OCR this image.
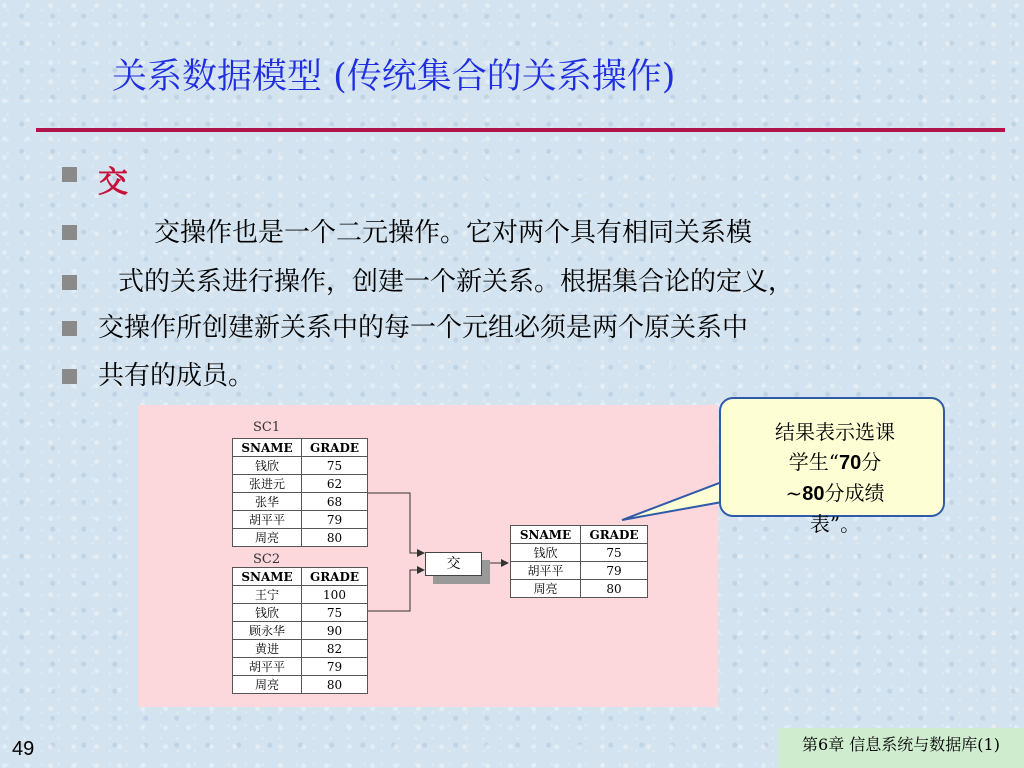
关系数据模型 (传统集合的关系操作)
交
交操作也是一个二元操作。它对两个具有相同关系模
式的关系进行操作，创建一个新关系。根据集合论的定义，
交操作所创建新关系中的每一个元组必须是两个原关系中
共有的成员。
SC1
SNAME	GRADE
钱欣	75
张进元	62
张华	68
胡平平	79
周亮	80
SC2
SNAME	GRADE
王宁	100
钱欣	75
顾永华	90
黄进	82
胡平平	79
周亮	80
SNAME	GRADE
钱欣	75
胡平平	79
周亮	80
交
结果表示选课
学生“70分
~80分成绩
表”。
49	第6章 信息系统与数据库(1)
